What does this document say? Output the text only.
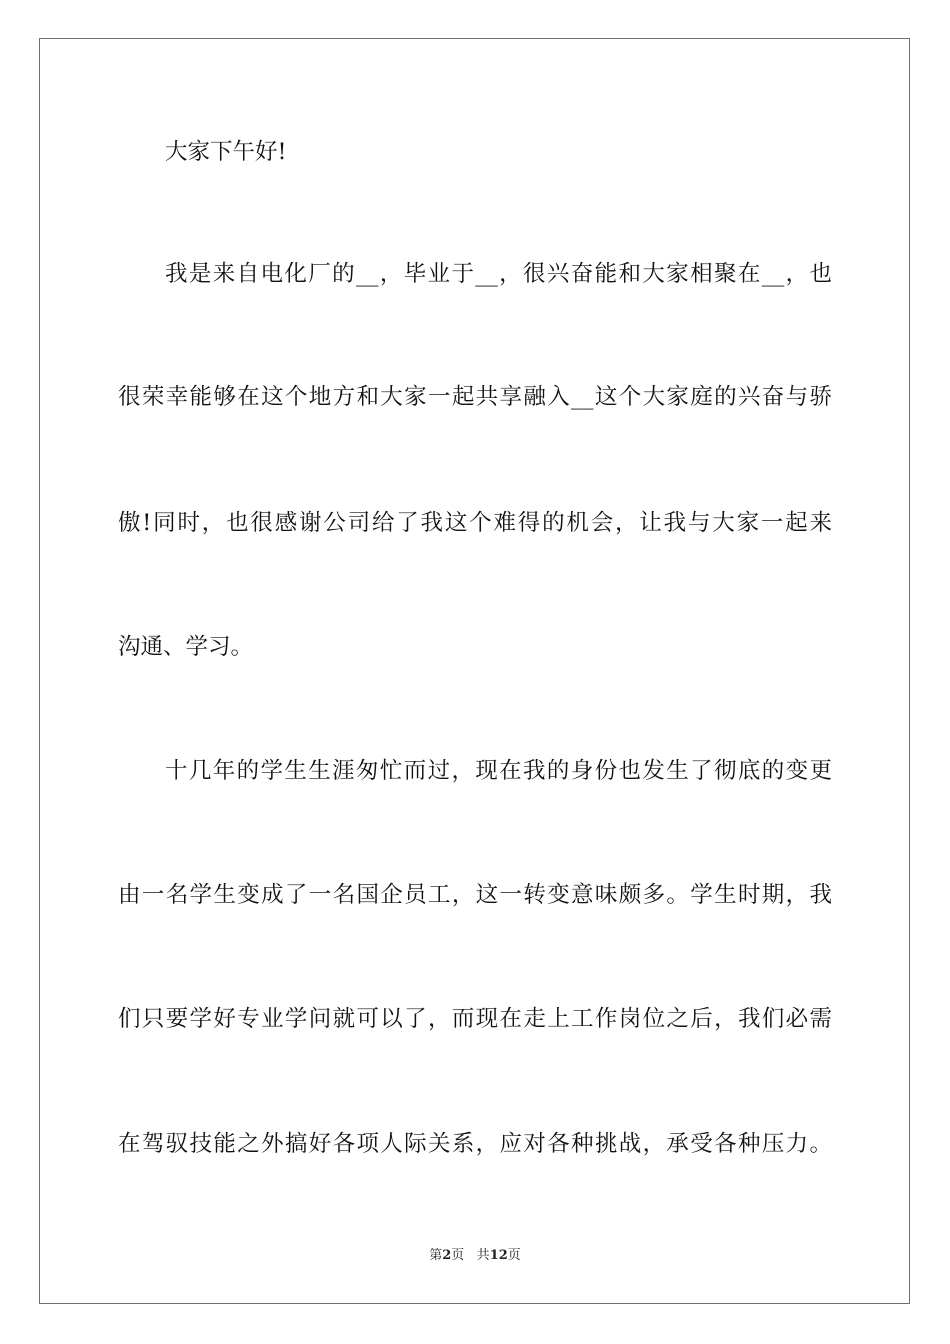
大家下午好!
我是来自电化厂的__，毕业于__，很兴奋能和大家相聚在__，也
很荣幸能够在这个地方和大家一起共享融入__这个大家庭的兴奋与骄
傲!同时，也很感谢公司给了我这个难得的机会，让我与大家一起来
沟通、学习。
十几年的学生生涯匆忙而过，现在我的身份也发生了彻底的变更
由一名学生变成了一名国企员工，这一转变意味颇多。学生时期，我
们只要学好专业学问就可以了，而现在走上工作岗位之后，我们必需
在驾驭技能之外搞好各项人际关系，应对各种挑战，承受各种压力。
第2页 共12页
